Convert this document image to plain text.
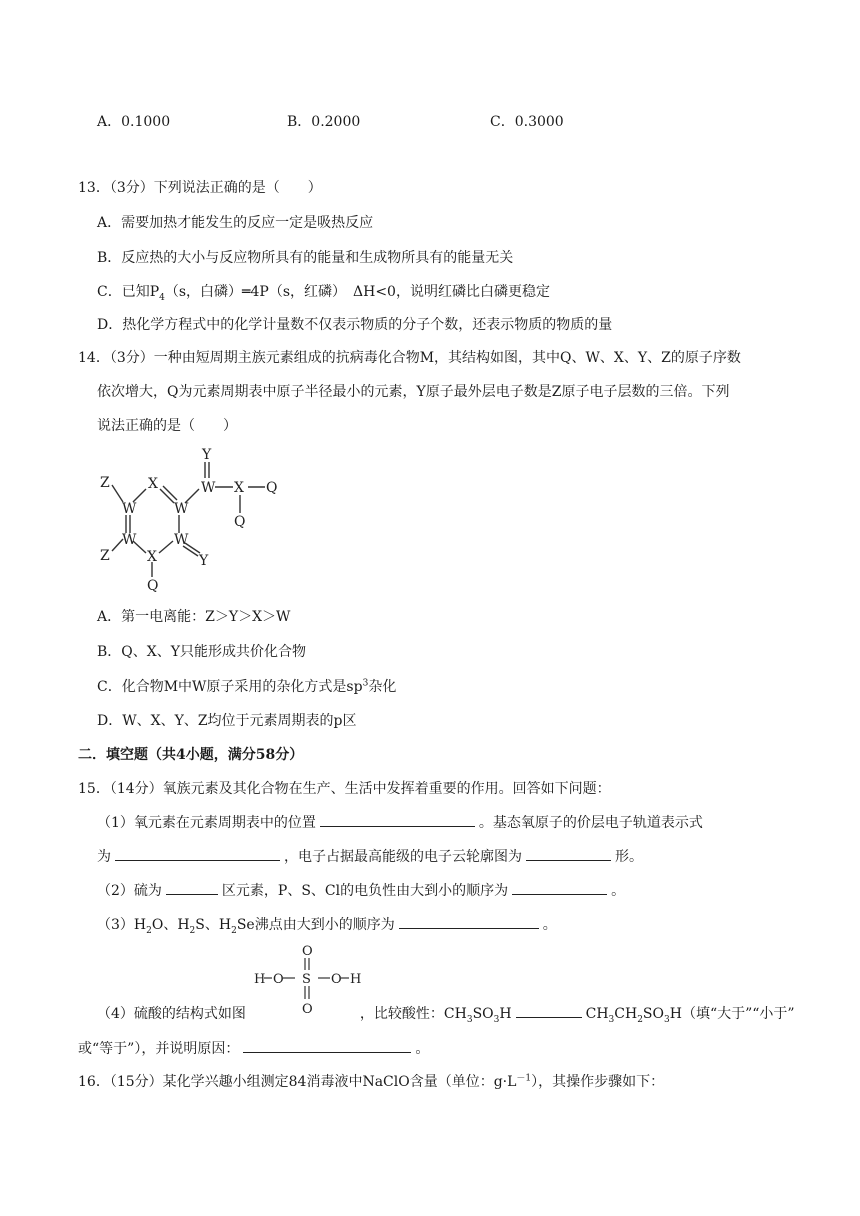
A．0.1000	B．0.2000	C．0.3000
13．（3分）下列说法正确的是（　　）
A．需要加热才能发生的反应一定是吸热反应
B．反应热的大小与反应物所具有的能量和生成物所具有的能量无关
C．已知$P_4(s$，白磷）═4P（s，红磷）　ΔH<0，说明红磷比白磷更稳定
D．热化学方程式中的化学计量数不仅表示物质的分子个数，还表示物质的物质的量
14．（3分）一种由短周期主族元素组成的抗病毒化合物M，其结构如图，其中Q、W、X、Y、Z的原子序数
依次增大，Q为元素周期表中原子半径最小的元素，Y原子最外层电子数是Z原子电子层数的三倍。下列
说法正确的是（　　）
Y
Z	X	W X Q
W	W
Q
Z
W
X
W
Y
Q
A．第一电离能：Z＞Y＞X＞W
B．Q、X、Y只能形成共价化合物
C．化合物M中W原子采用的杂化方式是$sp^3$杂化
D．W、X、Y、Z均位于元素周期表的p区
二．填空题（共4小题，满分58分）
15．（14分）氧族元素及其化合物在生产、生活中发挥着重要的作用。回答如下问题：
（1）氧元素在元素周期表中的位置	。基态氧原子的价层电子轨道表示式
为	，电子占据最高能级的电子云轮廓图为	形。
（2）硫为	区元素，P、S、Cl的电负性由大到小的顺序为	。
$(3)H_2O$、$H_2S$、$H_2Se$沸点由大到小的顺序为	。
O
H O S O H
O
（4）硫酸的结构式如图	，比较酸性：$CH_3SO_3H$	$CH_3CH_2SO_3H$（填“大于”“小于”
或“等于”），并说明原因：	。
16．（15分）某化学兴趣小组测定84消毒液中NaClO含量（单位：$g\cdot L^{-1}$），其操作步骤如下：
